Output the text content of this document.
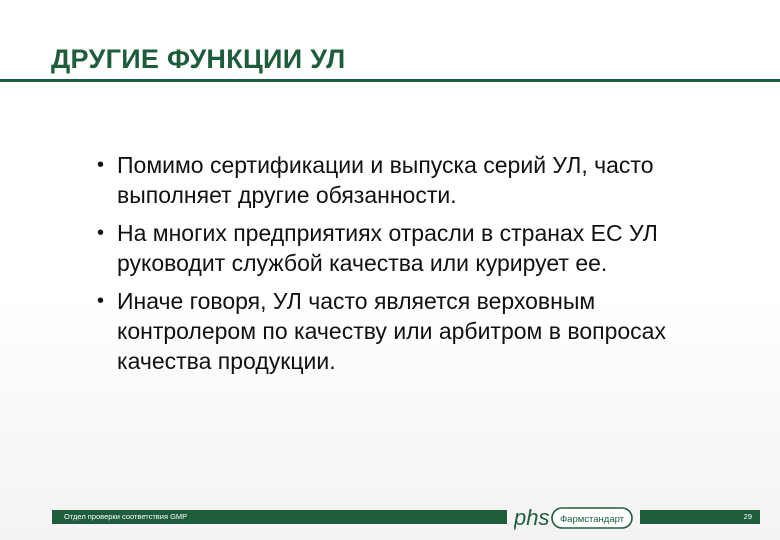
ДРУГИЕ ФУНКЦИИ УЛ
• Помимо сертификации и выпуска серий УЛ, часто выполняет другие обязанности.
• На многих предприятиях отрасли в странах ЕС УЛ руководит службой качества или курирует ее.
• Иначе говоря, УЛ часто является верховным контролером по качеству или арбитром в вопросах качества продукции.
Отдел проверки соответствия GMP	phs Фармстандарт	29
